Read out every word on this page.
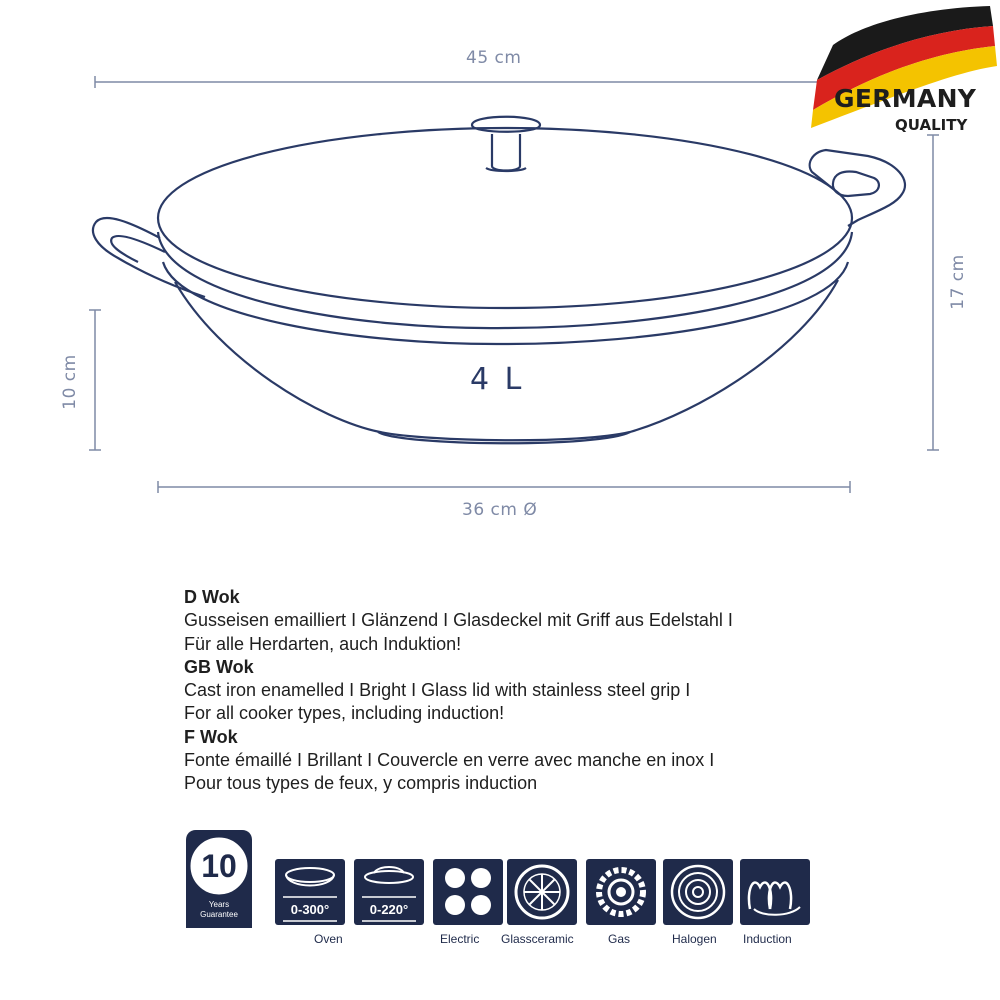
45 cm
17 cm
10 cm
36 cm Ø
4 L
GERMANY
QUALITY
D Wok
Gusseisen emailliert I Glänzend I Glasdeckel mit Griff aus Edelstahl I
Für alle Herdarten, auch Induktion!
GB Wok
Cast iron enamelled I Bright I Glass lid with stainless steel grip I
For all cooker types, including induction!
F Wok
Fonte émaillé I Brillant I Couvercle en verre avec manche en inox I
Pour tous types de feux, y compris induction
10
Years
Guarantee	0-300°	0-220°
Oven	Electric Glassceramic	Gas	Halogen Induction
